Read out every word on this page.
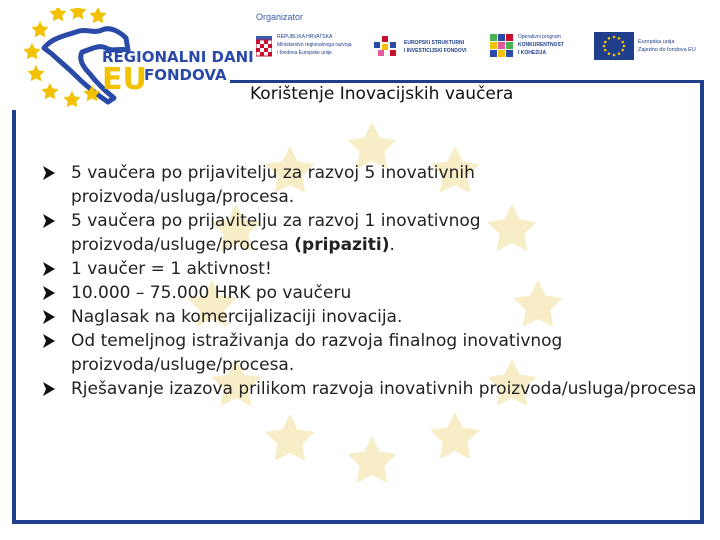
REGIONALNI DANI
EU
FONDOVA
Organizator
REPUBLIKA HRVATSKA
Ministarstvo regionalnoga razvoja
i fondova Europske unije
EUROPSKI STRUKTURNI
I INVESTICIJSKI FONDOVI
Operativni program
KONKURENTNOST
I KOHEZIJA
Europska unija
Zajedno do fondova EU
Korištenje Inovacijskih vaučera
5 vaučera po prijavitelju za razvoj 5 inovativnih proizvoda/usluga/procesa.
5 vaučera po prijavitelju za razvoj 1 inovativnog proizvoda/usluge/procesa (pripaziti).
1 vaučer = 1 aktivnost!
10.000 – 75.000 HRK po vaučeru
Naglasak na komercijalizaciji inovacija.
Od temeljnog istraživanja do razvoja finalnog inovativnog proizvoda/usluge/procesa.
Rješavanje izazova prilikom razvoja inovativnih proizvoda/usluga/procesa
